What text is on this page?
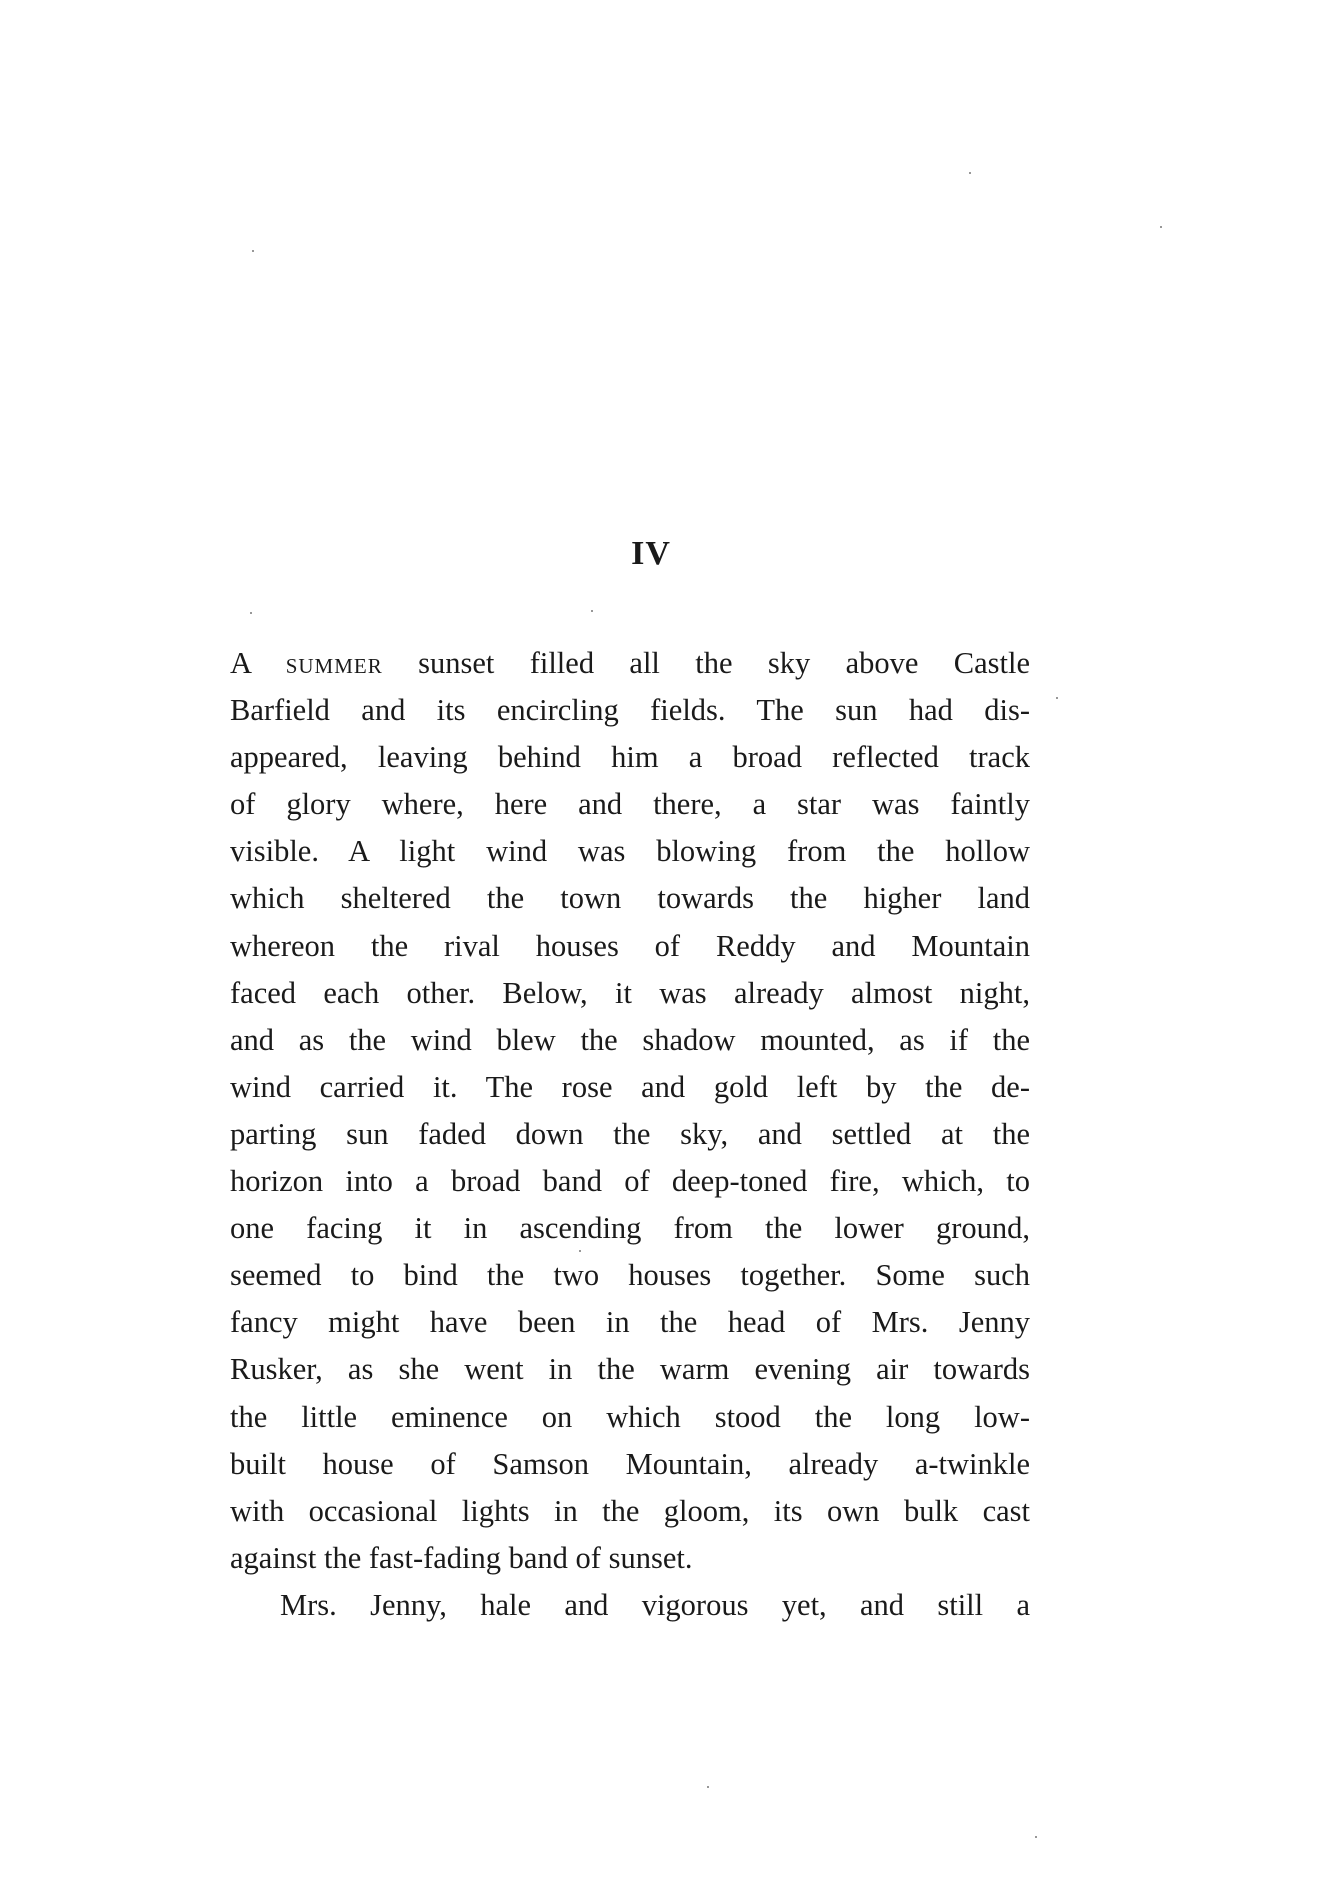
IV
A summer sunset filled all the sky above Castle
Barfield and its encircling fields. The sun had dis-
appeared, leaving behind him a broad reflected track
of glory where, here and there, a star was faintly
visible. A light wind was blowing from the hollow
which sheltered the town towards the higher land
whereon the rival houses of Reddy and Mountain
faced each other. Below, it was already almost night,
and as the wind blew the shadow mounted, as if the
wind carried it. The rose and gold left by the de-
parting sun faded down the sky, and settled at the
horizon into a broad band of deep-toned fire, which, to
one facing it in ascending from the lower ground,
seemed to bind the two houses together. Some such
fancy might have been in the head of Mrs. Jenny
Rusker, as she went in the warm evening air towards
the little eminence on which stood the long low-
built house of Samson Mountain, already a-twinkle
with occasional lights in the gloom, its own bulk cast
against the fast-fading band of sunset.
Mrs. Jenny, hale and vigorous yet, and still a
